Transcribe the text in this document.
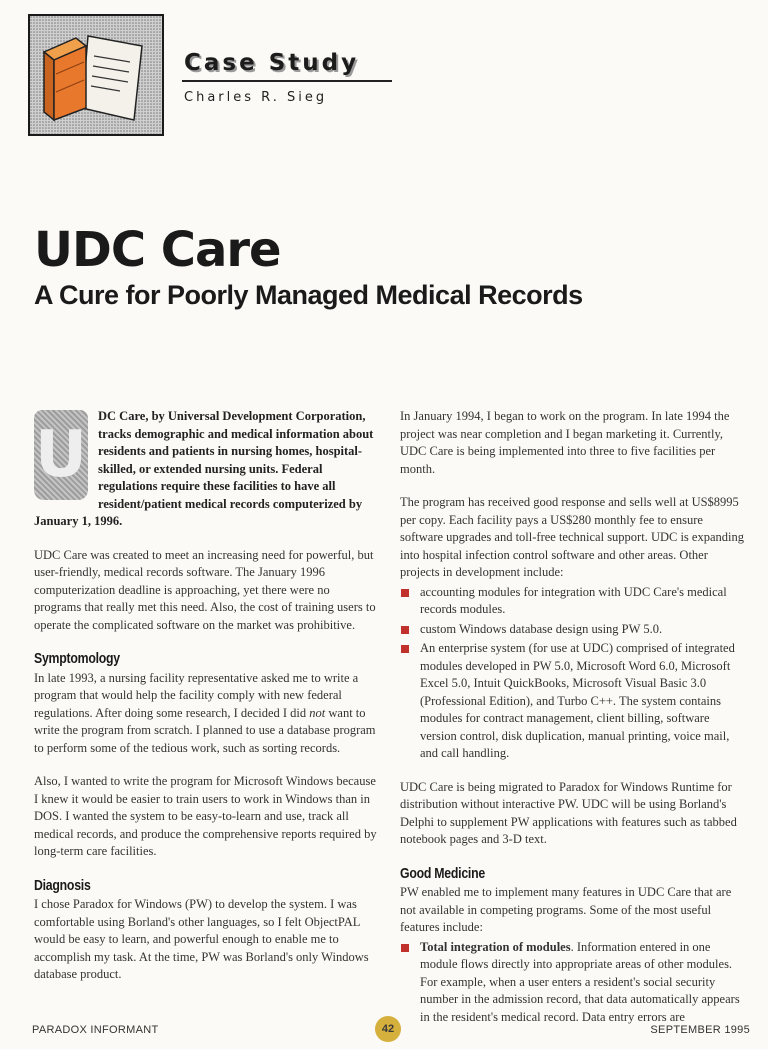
Case Study
Charles R. Sieg
UDC Care
A Cure for Poorly Managed Medical Records

U
DC Care, by Universal Development Corporation, tracks demographic and medical information about residents and patients in nursing homes, hospital-skilled, or extended nursing units. Federal regulations require these facilities to have all resident/patient medical records computerized by January 1, 1996.

UDC Care was created to meet an increasing need for powerful, but user-friendly, medical records software. The January 1996 computerization deadline is approaching, yet there were no programs that really met this need. Also, the cost of training users to operate the complicated software on the market was prohibitive.

Symptomology

In late 1993, a nursing facility representative asked me to write a program that would help the facility comply with new federal regulations. After doing some research, I decided I did not want to write the program from scratch. I planned to use a database program to perform some of the tedious work, such as sorting records.

Also, I wanted to write the program for Microsoft Windows because I knew it would be easier to train users to work in Windows than in DOS. I wanted the system to be easy-to-learn and use, track all medical records, and produce the comprehensive reports required by long-term care facilities.

Diagnosis

I chose Paradox for Windows (PW) to develop the system. I was comfortable using Borland's other languages, so I felt ObjectPAL would be easy to learn, and powerful enough to enable me to accomplish my task. At the time, PW was Borland's only Windows database product.

In January 1994, I began to work on the program. In late 1994 the project was near completion and I began marketing it. Currently, UDC Care is being implemented into three to five facilities per month.

The program has received good response and sells well at US$8995 per copy. Each facility pays a US$280 monthly fee to ensure software upgrades and toll-free technical support. UDC is expanding into hospital infection control software and other areas. Other projects in development include:

accounting modules for integration with UDC Care's medical records modules.
custom Windows database design using PW 5.0.
An enterprise system (for use at UDC) comprised of integrated modules developed in PW 5.0, Microsoft Word 6.0, Microsoft Excel 5.0, Intuit QuickBooks, Microsoft Visual Basic 3.0 (Professional Edition), and Turbo C++. The system contains modules for contract management, client billing, software version control, disk duplication, manual printing, voice mail, and call handling.

UDC Care is being migrated to Paradox for Windows Runtime for distribution without interactive PW. UDC will be using Borland's Delphi to supplement PW applications with features such as tabbed notebook pages and 3-D text.

Good Medicine

PW enabled me to implement many features in UDC Care that are not available in competing programs. Some of the most useful features include:

Total integration of modules. Information entered in one module flows directly into appropriate areas of other modules. For example, when a user enters a resident's social security number in the admission record, that data automatically appears in the resident's medical record. Data entry errors are
PARADOX INFORMANT	42	SEPTEMBER 1995
